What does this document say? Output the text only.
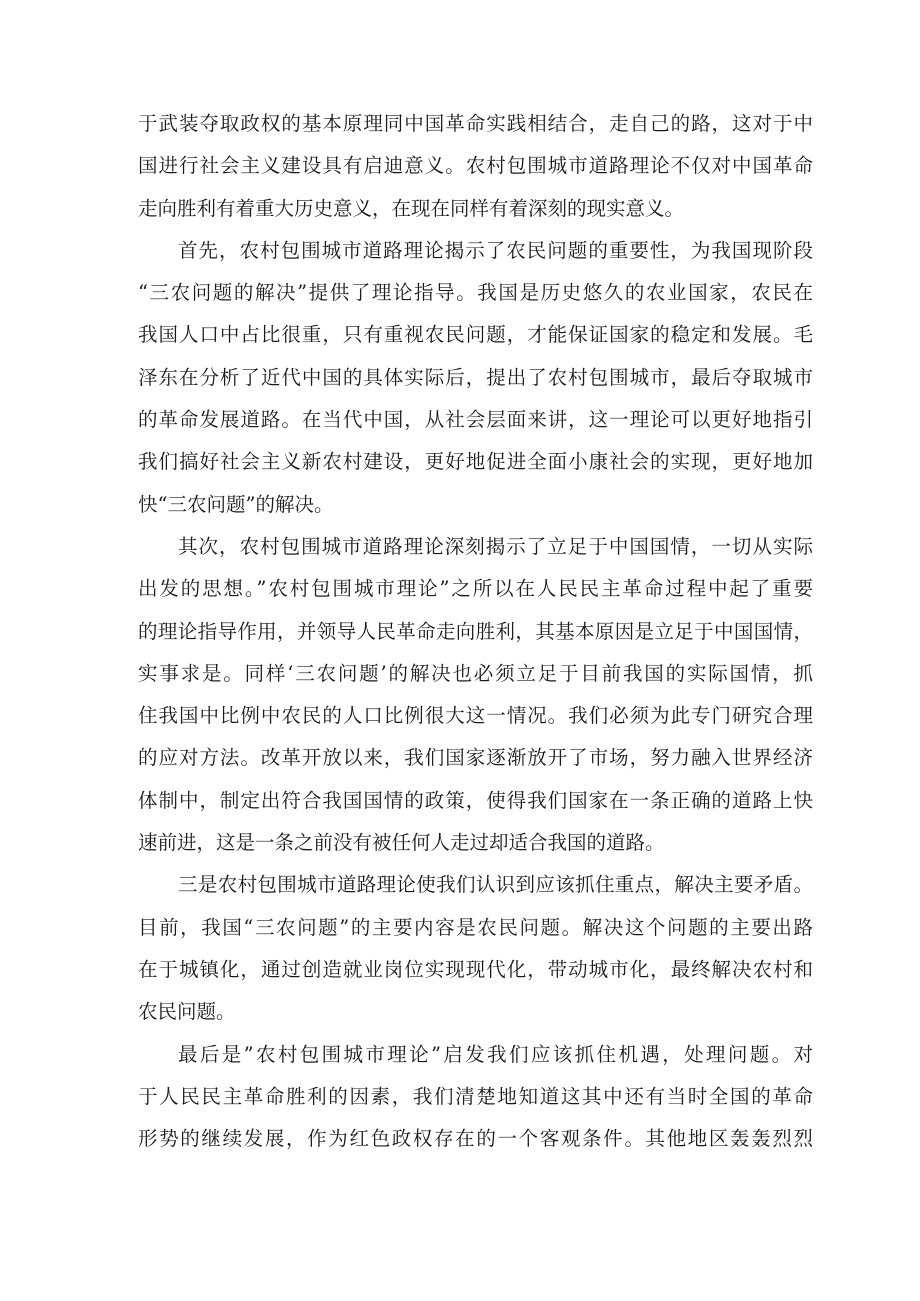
于武装夺取政权的基本原理同中国革命实践相结合，走自己的路，这对于中
国进行社会主义建设具有启迪意义。农村包围城市道路理论不仅对中国革命
走向胜利有着重大历史意义，在现在同样有着深刻的现实意义。
首先，农村包围城市道路理论揭示了农民问题的重要性，为我国现阶段
“三农问题的解决”提供了理论指导。我国是历史悠久的农业国家，农民在
我国人口中占比很重，只有重视农民问题，才能保证国家的稳定和发展。毛
泽东在分析了近代中国的具体实际后，提出了农村包围城市，最后夺取城市
的革命发展道路。在当代中国，从社会层面来讲，这一理论可以更好地指引
我们搞好社会主义新农村建设，更好地促进全面小康社会的实现，更好地加
快“三农问题”的解决。
其次，农村包围城市道路理论深刻揭示了立足于中国国情，一切从实际
出发的思想。”农村包围城市理论”之所以在人民民主革命过程中起了重要
的理论指导作用，并领导人民革命走向胜利，其基本原因是立足于中国国情，
实事求是。同样‘三农问题’的解决也必须立足于目前我国的实际国情，抓
住我国中比例中农民的人口比例很大这一情况。我们必须为此专门研究合理
的应对方法。改革开放以来，我们国家逐渐放开了市场，努力融入世界经济
体制中，制定出符合我国国情的政策，使得我们国家在一条正确的道路上快
速前进，这是一条之前没有被任何人走过却适合我国的道路。
三是农村包围城市道路理论使我们认识到应该抓住重点，解决主要矛盾。
目前，我国“三农问题”的主要内容是农民问题。解决这个问题的主要出路
在于城镇化，通过创造就业岗位实现现代化，带动城市化，最终解决农村和
农民问题。
最后是”农村包围城市理论”启发我们应该抓住机遇，处理问题。对
于人民民主革命胜利的因素，我们清楚地知道这其中还有当时全国的革命
形势的继续发展，作为红色政权存在的一个客观条件。其他地区轰轰烈烈
